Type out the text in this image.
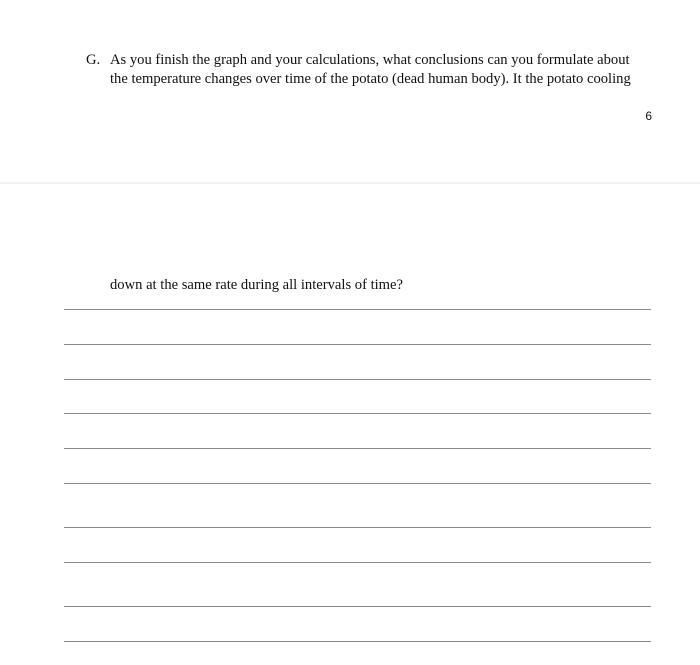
G. As you finish the graph and your calculations, what conclusions can you formulate about
the temperature changes over time of the potato (dead human body). It the potato cooling
6
down at the same rate during all intervals of time?
